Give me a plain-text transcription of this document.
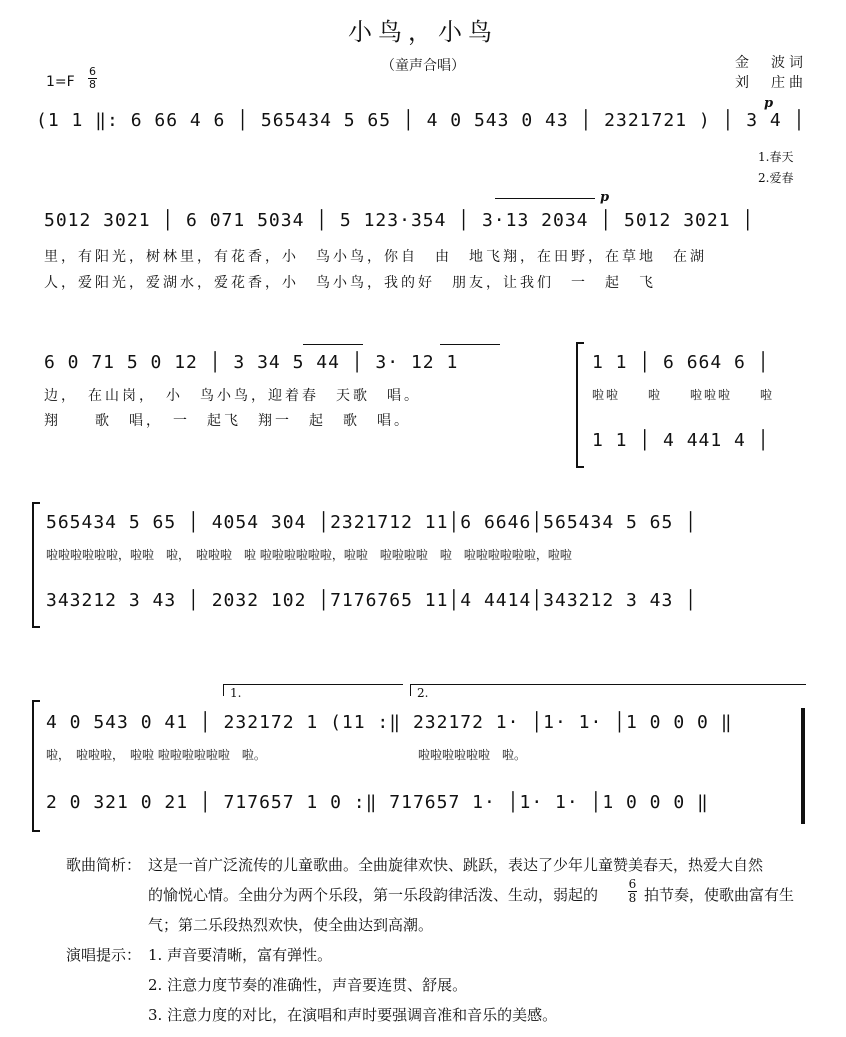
小鸟，小鸟
（童声合唱）	金　波词
刘　庄曲
1=F
6
8
(1 1 ‖: 6 66 4 6 │ 565434 5 65 │ 4 0 543 0 43 │ 2321721 ) │ 3 4 │
p
1.春天
2.爱春
p
5012 3021 │ 6 071 5034 │ 5 123·354 │ 3·13 2034 │ 5012 3021 │
里，有阳光，树林里，有花香，小　鸟小鸟，你自　由　地飞翔，在田野，在草地　在湖
人，爱阳光，爱湖水，爱花香，小　鸟小鸟，我的好　朋友，让我们　一　起　飞
6 0 71 5 0 12 │ 3 34 5 44 │ 3· 12 1
边，　在山岗，　小　鸟小鸟，迎着春　天歌　唱。
翔　　歌　唱，　一　起飞　翔一　起　歌　唱。
1 1 │ 6 664 6 │
啦啦　　啦　　啦啦啦　　啦
1 1 │ 4 441 4 │
565434 5 65 │ 4054 304 │2321712 11│6 6646│565434 5 65 │
啦啦啦啦啦啦，啦啦　啦，　啦啦啦　啦 啦啦啦啦啦啦，啦啦　啦啦啦啦　啦　啦啦啦啦啦啦，啦啦
343212 3 43 │ 2032 102 │7176765 11│4 4414│343212 3 43 │
1.	2.
4 0 543 0 41 │ 232172 1 (11 :‖ 232172 1· │1· 1· │1 0 0 0 ‖
啦，　啦啦啦，　啦啦 啦啦啦啦啦啦　啦。	啦啦啦啦啦啦　啦。
2 0 321 0 21 │ 717657 1 0 :‖ 717657 1· │1· 1· │1 0 0 0 ‖
歌曲简析： 这是一首广泛流传的儿童歌曲。全曲旋律欢快、跳跃，表达了少年儿童赞美春天，热爱大自然
的愉悦心情。全曲分为两个乐段，第一乐段韵律活泼、生动，弱起的
6
8 拍节奏，使歌曲富有生
气；第二乐段热烈欢快，使全曲达到高潮。
演唱提示： 1. 声音要清晰，富有弹性。
2. 注意力度节奏的准确性，声音要连贯、舒展。
3. 注意力度的对比，在演唱和声时要强调音准和音乐的美感。
